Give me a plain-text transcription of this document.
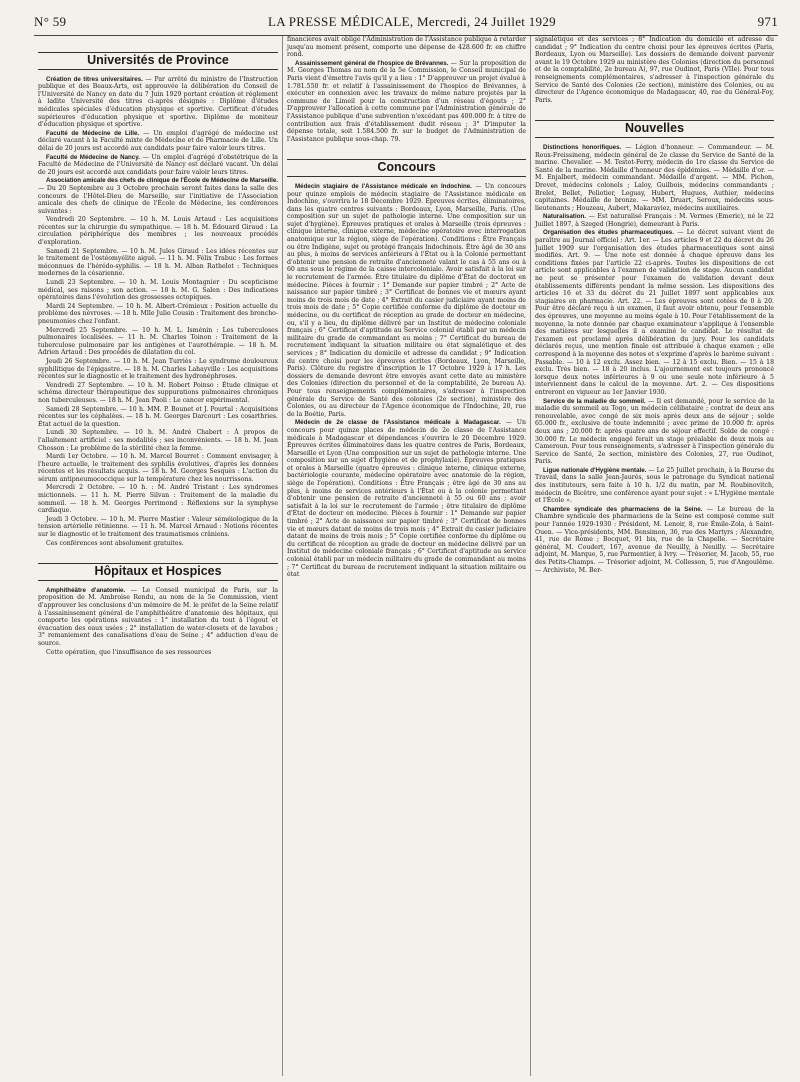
N° 59	LA PRESSE MÉDICALE, Mercredi, 24 Juillet 1929	971
Universités de Province

Création de titres universitaires. — Par arrêté du ministre de l'Instruction publique et des Beaux-Arts, est approuvée la délibération du Conseil de l'Université de Nancy en date du 7 Juin 1929 portant création et réglement à ladite Université des titres ci-après désignés : Diplôme d'études médicales spéciales d'éducation physique et sportive. Certificat d'études supérieures d'éducation physique et sportive. Diplôme de moniteur d'éducation physique et sportive.

Faculté de Médecine de Lille. — Un emploi d'agrégé de médecine est déclaré vacant à la Faculté mixte de Médecine et de Pharmacie de Lille. Un délai de 20 jours est accordé aux candidats pour faire valoir leurs titres.

Faculté de Médecine de Nancy. — Un emploi d'agrégé d'obstétrique de la Faculté de Médecine de l'Université de Nancy est déclaré vacant. Un délai de 20 jours est accordé aux candidats pour faire valoir leurs titres.

Association amicale des chefs de clinique de l'École de Médecine de Marseille. — Du 20 Septembre au 3 Octobre prochain seront faites dans la salle des concours de l'Hôtel-Dieu de Marseille, sur l'initiative de l'Association amicale des chefs de clinique de l'École de Médecine, les conférences suivantes :

Vendredi 20 Septembre. — 10 h. M. Louis Artaud : Les acquisitions récentes sur la chirurgie du sympathique. — 18 h. M. Édouard Giraud : La circulation périphérique des membres ; les nouveaux procédés d'exploration.

Samedi 21 Septembre. — 10 h. M. Jules Giraud : Les idées récentes sur le traitement de l'ostéomyélite aiguë. — 11 h. M. Félix Trabuc : Les formes méconnues de l'hérédo-syphilis. — 18 h. M. Alban Rathelot : Techniques modernes de la césarienne.

Lundi 23 Septembre. — 10 h. M. Louis Montagnier : Du scepticisme médical, ses raisons ; son action. — 18 h. M. G. Salen : Des indications opératoires dans l'évolution des grossesses ectopiques.

Mardi 24 Septembre. — 10 h. M. Albert-Crémieux : Position actuelle du problème des névroses. — 18 h. Mlle Julie Cousin : Traitement des broncho-pneumonies chez l'enfant.

Mercredi 25 Septembre. — 10 h. M. L. Isménin : Les tuberculoses pulmonaires localisées. — 11 h. M. Charles Toinon : Traitement de la tuberculose pulmonaire par les antigènes et l'aurothérapie. — 18 h. M. Adrien Artaud : Des procédés de dilatation du col.

Jeudi 26 Septembre. — 10 h. M. Jean Turriès : Le syndrome douloureux syphilitique de l'épigastre. — 18 h. M. Charles Lahayville : Les acquisitions récentes sur le diagnostic et le traitement des hydronéphroses.

Vendredi 27 Septembre. — 10 h. M. Robert Poinso : Étude clinique et schéma directeur thérapeutique des suppurations pulmonaires chroniques non tuberculeuses. — 18 h. M. Jean Paoli : Le cancer expérimental.

Samedi 28 Septembre. — 10 h. MM. P. Bounet et J. Pourtal : Acquisitions récentes sur les céphalées. — 18 h. M. Georges Darcourt : Les cosarthries. État actuel de la question.

Lundi 30 Septembre. — 10 h. M. André Chabert : À propos de l'allaitement artificiel : ses modalités ; ses inconvénients. — 18 h. M. Jean Chosson : Le problème de la stérilité chez la femme.

Mardi 1er Octobre. — 10 h. M. Marcel Bourret : Comment envisager, à l'heure actuelle, le traitement des syphilis évolutives, d'après les données récentes et les résultats acquis. — 18 h. M. Georges Sesquès : L'action du sérum antipneumococcique sur la température chez les nourrissons.

Mercredi 2 Octobre. — 10 h. : M. André Tristant : Les syndromes mictionnels. — 11 h. M. Pierre Silvan : Traitement de la maladie du sommeil. — 18 h. M. Georges Perrimond : Réflexions sur la symphyse cardiaque.

Jeudi 3 Octobre. — 10 h. M. Pierre Mastier : Valeur séméiologique de la tension artérielle rétinienne. — 11 h. M. Marcel Arnaud : Notions récentes sur le diagnostic et le traitement des traumatismes crâniens.

Ces conférences sont absolument gratuites.

Hôpitaux et Hospices

Amphithéâtre d'anatomie. — Le Conseil municipal de Paris, sur la proposition de M. Ambroise Rendu, au nom de la 5e Commission, vient d'approuver les conclusions d'un mémoire de M. le préfet de la Seine relatif à l'assainissement général de l'amphithéâtre d'anatomie des hôpitaux, qui comporte les opérations suivantes : 1° installation du tout à l'égout et évacuation des eaux usées ; 2° installation de water-closets et de lavabos ; 3° remaniement des canalisations d'eau de Seine ; 4° adduction d'eau de source.

Cette opération, que l'insuffisance de ses ressources

financières avait obligé l'Administration de l'Assistance publique à retarder jusqu'au moment présent, comporte une dépense de 428.600 fr. en chiffre rond.

Assainissement général de l'hospice de Brévannes. — Sur la proposition de M. Georges Thomas au nom de la 5e Commission, le Conseil municipal de Paris vient d'émettre l'avis qu'il y a lieu : 1° D'approuver un projet évalué à 1.781.550 fr. et relatif à l'assainissement de l'hospice de Brévannes, à exécuter en connexion avec les travaux de même nature projetés par la commune de Limeil pour la construction d'un réseau d'égouts ; 2° D'approuver l'allocation à cette commune par l'Administration générale de l'Assistance publique d'une subvention n'excédant pas 400.000 fr. à titre de contribution aux frais d'établissement dudit réseau ; 3° D'imputer la dépense totale, soit 1.584.500 fr. sur le budget de l'Administration de l'Assistance publique sous-chap. 79.

Concours

Médecin stagiaire de l'Assistance médicale en Indochine. — Un concours pour quinze emplois de médecin stagiaire de l'Assistance médicale en Indochine, s'ouvrira le 18 Décembre 1929. Épreuves écrites, éliminatoires, dans les quatre centres suivants : Bordeaux, Lyon, Marseille, Paris. (Une composition sur un sujet de pathologie interne. Une composition sur un sujet d'hygiène). Épreuves pratiques et orales à Marseille (trois épreuves : clinique interne, clinique externe, médecine opératoire avec interrogation anatomique sur la région, siège de l'opération). Conditions : Être Français ou être Indigène, sujet ou protégé français Indochinois. Être âgé de 30 ans au plus, à moins de services antérieurs à l'État ou à la Colonie permettant d'obtenir une pension de retraite d'ancienneté valant le cas à 55 ans ou à 60 ans sous le régime de la caisse intercoloniale. Avoir satisfait à la loi sur le recrutement de l'armée. Être titulaire du diplôme d'État de doctorat en médecine. Pièces à fournir : 1° Demande sur papier timbré ; 2° Acte de naissance sur papier timbré ; 3° Certificat de bonnes vie et mœurs ayant moins de trois mois de date ; 4° Extrait du casier judiciaire ayant moins de trois mois de date ; 5° Copie certifiée conforme du diplôme de docteur en médecine, ou du certificat de réception au grade de docteur en médecine, ou, s'il y a lieu, du diplôme délivré par un Institut de médecine coloniale français ; 6° Certificat d'aptitude au Service colonial établi par un médecin militaire du grade de commandant au moins ; 7° Certificat du bureau de recrutement indiquant la situation militaire ou état signalétique et des services ; 8° Indication du domicile et adresse du candidat ; 9° Indication du centre choisi pour les épreuves écrites (Bordeaux, Lyon, Marseille, Paris). Clôture du registre d'inscription le 17 Octobre 1929 à 17 h. Les dossiers de demande devront être envoyés avant cette date au ministère des Colonies (direction du personnel et de la comptabilité, 2e bureau A). Pour tous renseignements complémentaires, s'adresser à l'inspection générale du Service de Santé des colonies (2e section), ministère des Colonies, ou au directeur de l'Agence économique de l'Indochine, 20, rue de la Boétie, Paris.

Médecin de 2e classe de l'Assistance médicale à Madagascar. — Un concours pour quinze places de médecin de 2e classe de l'Assistance médicale à Madagascar et dépendances s'ouvrira le 20 Décembre 1929. Épreuves écrites éliminatoires dans les quatre centres de Paris, Bordeaux, Marseille et Lyon (Une composition sur un sujet de pathologie interne. Une composition sur un sujet d'hygiène et de prophylaxie). Épreuves pratiques et orales à Marseille (quatre épreuves : clinique interne, clinique externe, bactériologie courante, médecine opératoire avec anatomie de la région, siège de l'opération). Conditions : Être Français ; être âgé de 30 ans au plus, à moins de services antérieurs à l'État ou à la colonie permettant d'obtenir une pension de retraite d'ancienneté à 55 ou 60 ans ; avoir satisfait à la loi sur le recrutement de l'armée ; être titulaire de diplôme d'État de docteur en médecine. Pièces à fournir : 1° Demande sur papier timbré ; 2° Acte de naissance sur papier timbré ; 3° Certificat de bonnes vie et mœurs datant de moins de trois mois ; 4° Extrait du casier judiciaire datant de moins de trois mois ; 5° Copie certifiée conforme du diplôme ou du certificat de réception au grade de docteur en médecine délivré par un Institut de médecine coloniale français ; 6° Certificat d'aptitude au service colonial établi par un médecin militaire du grade de commandant au moins ; 7° Certificat du bureau de recrutement indiquant la situation militaire ou état

signalétique et des services ; 8° Indication du domicile et adresse du candidat ; 9° Indication du centre choisi pour les épreuves écrites (Paris, Bordeaux, Lyon ou Marseille). Les dossiers de demande doivent parvenir avant le 19 Octobre 1929 au ministère des Colonies (direction du personnel et de la comptabilité, 2e bureau A), 97, rue Oudinot, Paris (VIIe). Pour tous renseignements complémentaires, s'adresser à l'inspection générale du Service de Santé des Colonies (2e section), ministère des Colonies, ou au directeur de l'Agence économique de Madagascar, 40, rue du Général-Foy, Paris.

Nouvelles

Distinctions honorifiques. — Légion d'honneur. — Commandeur. — M. Roux-Freissineng, médecin général de 2e classe du Service de Santé de la marine. Chevalier. — M. Testot-Ferry, médecin de 1re classe du Service de Santé de la marine. Médaille d'honneur des épidémies. — Médaille d'or. — M. Enjalbert, médecin commandant. Médaille d'argent. — MM. Pichon, Drevet, médecins colonels ; Laloy, Guilbois, médecins commandants ; Brelet, Bellet, Peliotier, Leguay, Hubert, Hugues, Authier, médecins capitaines. Médaille de bronze. — MM. Druart, Seroux, médecins sous-lieutenants ; Houzeau, Aubert, Makaraviez, médecins auxiliaires.

Naturalisation. — Est naturalisé Français : M. Vermes (Emeric), né le 22 Juillet 1897, à Szeged (Hongrie), demeurant à Paris.

Organisation des études pharmaceutiques. — Le décret suivant vient de paraître au Journal officiel : Art. 1er. — Les articles 9 et 22 du décret du 26 Juillet 1909 sur l'organisation des études pharmaceutiques sont ainsi modifiés. Art. 9. — Une note est donnée à chaque épreuve dans les conditions fixées par l'article 22 ci-après. Toutes les dispositions de cet article sont applicables à l'examen de validation de stage. Aucun candidat ne peut se présenter pour l'examen de validation devant deux établissements différents pendant la même session. Les dispositions des articles 16 et 33 du décret du 21 Juillet 1897 sont applicables aux stagiaires en pharmacie. Art. 22. — Les épreuves sont cotées de 0 à 20. Pour être déclaré reçu à un examen, il faut avoir obtenu, pour l'ensemble des épreuves, une moyenne au moins égale à 10. Pour l'établissement de la moyenne, la note donnée par chaque examinateur s'applique à l'ensemble des matières sur lesquelles il a examiné le candidat. Le résultat de l'examen est proclamé après délibération du jury. Pour les candidats déclarés reçus, une mention finale est attribuée à chaque examen ; elle correspond à la moyenne des notes et s'exprime d'après le barème suivant : Passable. — 10 à 12 exclu. Assez bien. — 12 à 15 exclu. Bien. — 15 à 18 exclu. Très bien. — 18 à 20 inclus. L'ajournement est toujours prononcé lorsque deux notes inférieures à 9 ou une seule note inférieure à 5 interviennent dans le calcul de la moyenne. Art. 2. — Ces dispositions entreront en vigueur au 1er Janvier 1930.

Service de la maladie du sommeil. — Il est demandé, pour le service de la maladie du sommeil au Togo, un médecin célibataire ; contrat de deux ans renouvelable, avec congé de six mois après deux ans de séjour ; solde 65.000 fr., exclusive de toute indemnité ; avec prime de 10.000 fr. après deux ans ; 20.000 fr. après quatre ans de séjour effectif. Solde de congé : 30.000 fr. Le médecin engagé ferait un stage préalable de deux mois au Cameroun. Pour tous renseignements, s'adresser à l'inspection générale du Service de Santé, 2e section, ministère des Colonies, 27, rue Oudinot, Paris.

Ligue nationale d'Hygiène mentale. — Le 25 Juillet prochain, à la Bourse du Travail, dans la salle Jean-Jaurès, sous le patronage du Syndicat national des instituteurs, sera faite à 10 h. 1/2 du matin, par M. Roubinovitch, médecin de Bicêtre, une conférence ayant pour sujet : « L'Hygiène mentale et l'École ».

Chambre syndicale des pharmaciens de la Seine. — Le bureau de la Chambre syndicale des pharmaciens de la Seine est composé comme suit pour l'année 1929-1930 : Président, M. Lenoir, 8, rue Émile-Zola, à Saint-Ouen. — Vice-présidents, MM. Bensimon, 36, rue des Martyrs ; Alexandre, 41, rue de Rome ; Bocquet, 91 bis, rue de la Chapelle. — Secrétaire général, M. Coudert, 167, avenue de Neuilly, à Neuilly. — Secrétaire adjoint, M. Marque, 5, rue Parmentier, à Ivry. — Trésorier, M. Jacob, 55, rue des Petits-Champs. — Trésorier adjoint, M. Collesson, 5, rue d'Angoulême. — Archiviste, M. Ber-
